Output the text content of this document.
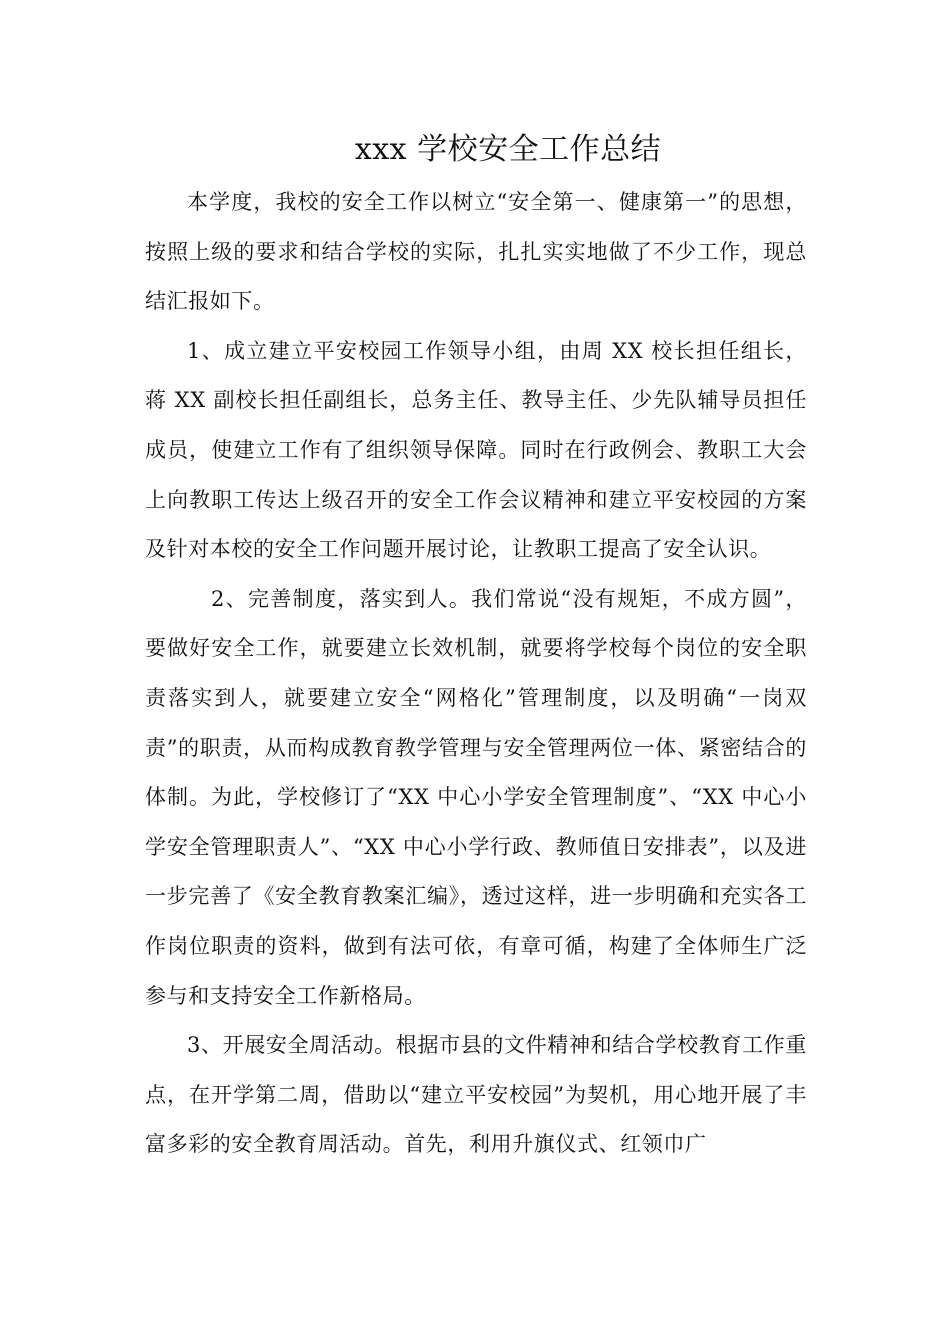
xxx 学校安全工作总结

本学度，我校的安全工作以树立“安全第一、健康第一”的思想，按照上级的要求和结合学校的实际，扎扎实实地做了不少工作，现总结汇报如下。

1、成立建立平安校园工作领导小组，由周 XX 校长担任组长，蒋 XX 副校长担任副组长，总务主任、教导主任、少先队辅导员担任成员，使建立工作有了组织领导保障。同时在行政例会、教职工大会上向教职工传达上级召开的安全工作会议精神和建立平安校园的方案及针对本校的安全工作问题开展讨论，让教职工提高了安全认识。

2、完善制度，落实到人。我们常说“没有规矩，不成方圆”，要做好安全工作，就要建立长效机制，就要将学校每个岗位的安全职责落实到人，就要建立安全“网格化”管理制度，以及明确“一岗双责”的职责，从而构成教育教学管理与安全管理两位一体、紧密结合的体制。为此，学校修订了“XX 中心小学安全管理制度”、“XX 中心小学安全管理职责人”、“XX 中心小学行政、教师值日安排表”，以及进一步完善了《安全教育教案汇编》，透过这样，进一步明确和充实各工作岗位职责的资料，做到有法可依，有章可循，构建了全体师生广泛参与和支持安全工作新格局。

3、开展安全周活动。根据市县的文件精神和结合学校教育工作重点，在开学第二周，借助以“建立平安校园”为契机，用心地开展了丰富多彩的安全教育周活动。首先，利用升旗仪式、红领巾广
